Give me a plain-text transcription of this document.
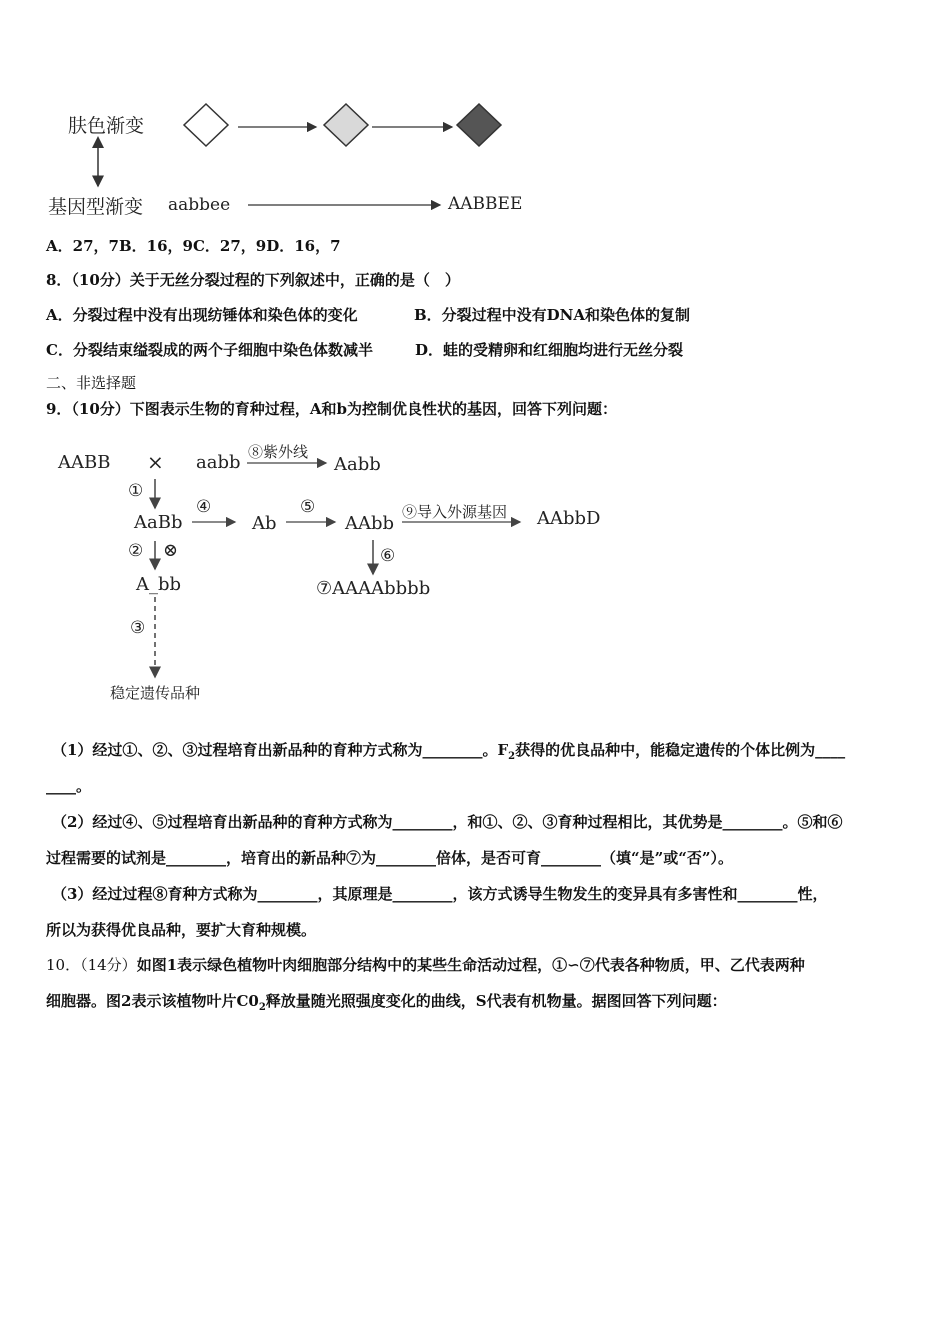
肤色渐变
基因型渐变 aabbee	AABBEE
A．27，7B．16，9C．27，9D．16，7
8．（10分）关于无丝分裂过程的下列叙述中，正确的是（　）
A．分裂过程中没有出现纺锤体和染色体的变化	B．分裂过程中没有DNA和染色体的复制
C．分裂结束缢裂成的两个子细胞中染色体数减半	D．蛙的受精卵和红细胞均进行无丝分裂
二、非选择题
9．（10分）下图表示生物的育种过程，A和b为控制优良性状的基因，回答下列问题：
AABB × aabb ⑧紫外线
Aabb
①
AaBb
④
Ab
⑤
AAbb
⑨导入外源基因 AAbbD
② ⊗	⑥
A_bb	⑦AAAAbbbb
③
稳定遗传品种
（1）经过①、②、③过程培育出新品种的育种方式称为________。$F_2$获得的优良品种中，能稳定遗传的个体比例为____
____。
（2）经过④、⑤过程培育出新品种的育种方式称为________，和①、②、③育种过程相比，其优势是________。⑤和⑥
过程需要的试剂是________，培育出的新品种⑦为________倍体，是否可育________（填“是”或“否”）。
（3）经过过程⑧育种方式称为________，其原理是________，该方式诱导生物发生的变异具有多害性和________性，
所以为获得优良品种，要扩大育种规模。
10．（14分）如图1表示绿色植物叶肉细胞部分结构中的某些生命活动过程，①∽⑦代表各种物质，甲、乙代表两种
细胞器。图2表示该植物叶片$C0_2$释放量随光照强度变化的曲线，S代表有机物量。据图回答下列问题：
